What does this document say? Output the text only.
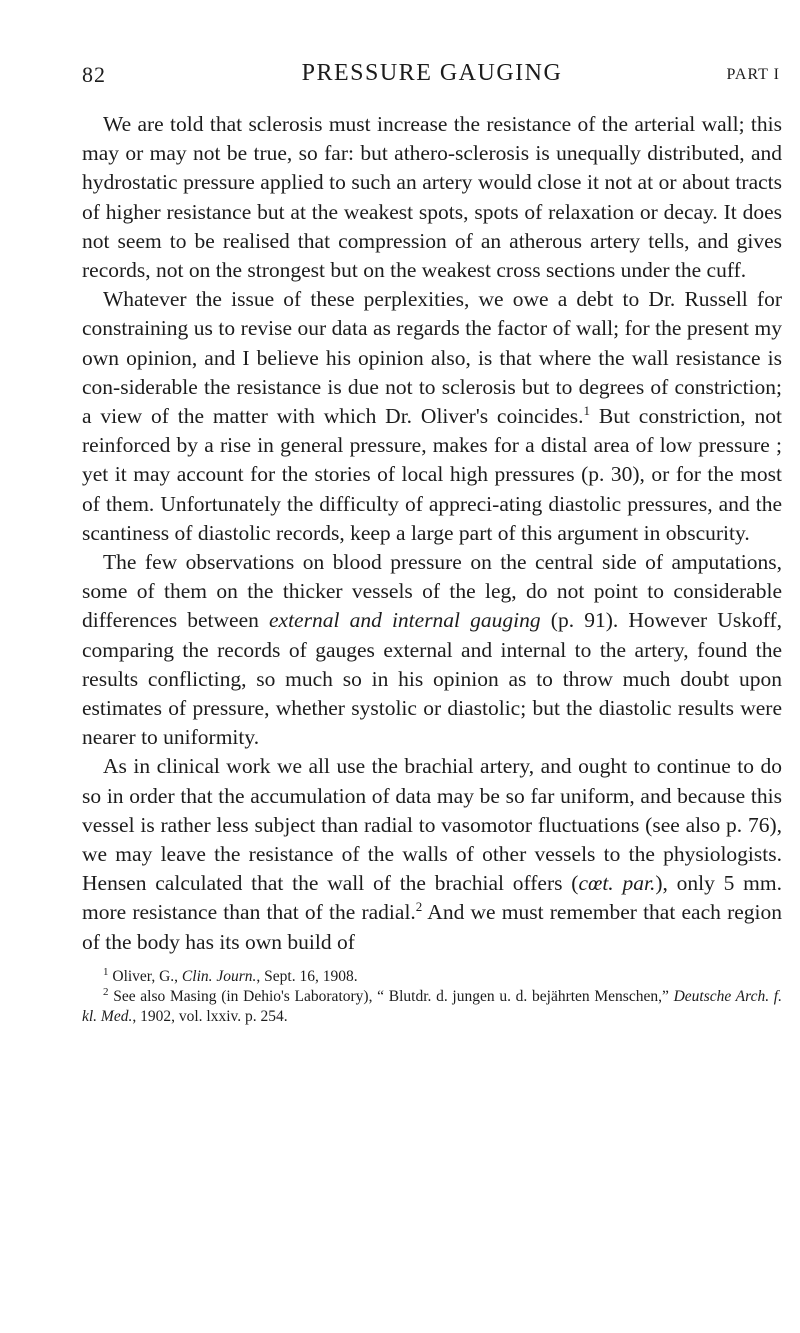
82	PRESSURE GAUGING	PART I

We are told that sclerosis must increase the resistance of the arterial wall; this may or may not be true, so far: but athero-sclerosis is unequally distributed, and hydrostatic pressure applied to such an artery would close it not at or about tracts of higher resistance but at the weakest spots, spots of relaxation or decay. It does not seem to be realised that compression of an atherous artery tells, and gives records, not on the strongest but on the weakest cross sections under the cuff.

Whatever the issue of these perplexities, we owe a debt to Dr. Russell for constraining us to revise our data as regards the factor of wall; for the present my own opinion, and I believe his opinion also, is that where the wall resistance is con-siderable the resistance is due not to sclerosis but to degrees of constriction; a view of the matter with which Dr. Oliver's coincides.$^1$ But constriction, not reinforced by a rise in general pressure, makes for a distal area of low pressure ; yet it may account for the stories of local high pressures (p. 30), or for the most of them. Unfortunately the difficulty of appreci-ating diastolic pressures, and the scantiness of diastolic records, keep a large part of this argument in obscurity.

The few observations on blood pressure on the central side of amputations, some of them on the thicker vessels of the leg, do not point to considerable differences between external and internal gauging (p. 91). However Uskoff, comparing the records of gauges external and internal to the artery, found the results conflicting, so much so in his opinion as to throw much doubt upon estimates of pressure, whether systolic or diastolic; but the diastolic results were nearer to uniformity.

As in clinical work we all use the brachial artery, and ought to continue to do so in order that the accumulation of data may be so far uniform, and because this vessel is rather less subject than radial to vasomotor fluctuations (see also p. 76), we may leave the resistance of the walls of other vessels to the physiologists. Hensen calculated that the wall of the brachial offers (cœt. par.), only 5 mm. more resistance than that of the radial.$^2$ And we must remember that each region of the body has its own build of

$^1$ Oliver, G., Clin. Journ., Sept. 16, 1908.

$^2$ See also Masing (in Dehio's Laboratory), “ Blutdr. d. jungen u. d. bejährten Menschen,” Deutsche Arch. f. kl. Med., 1902, vol. lxxiv. p. 254.
